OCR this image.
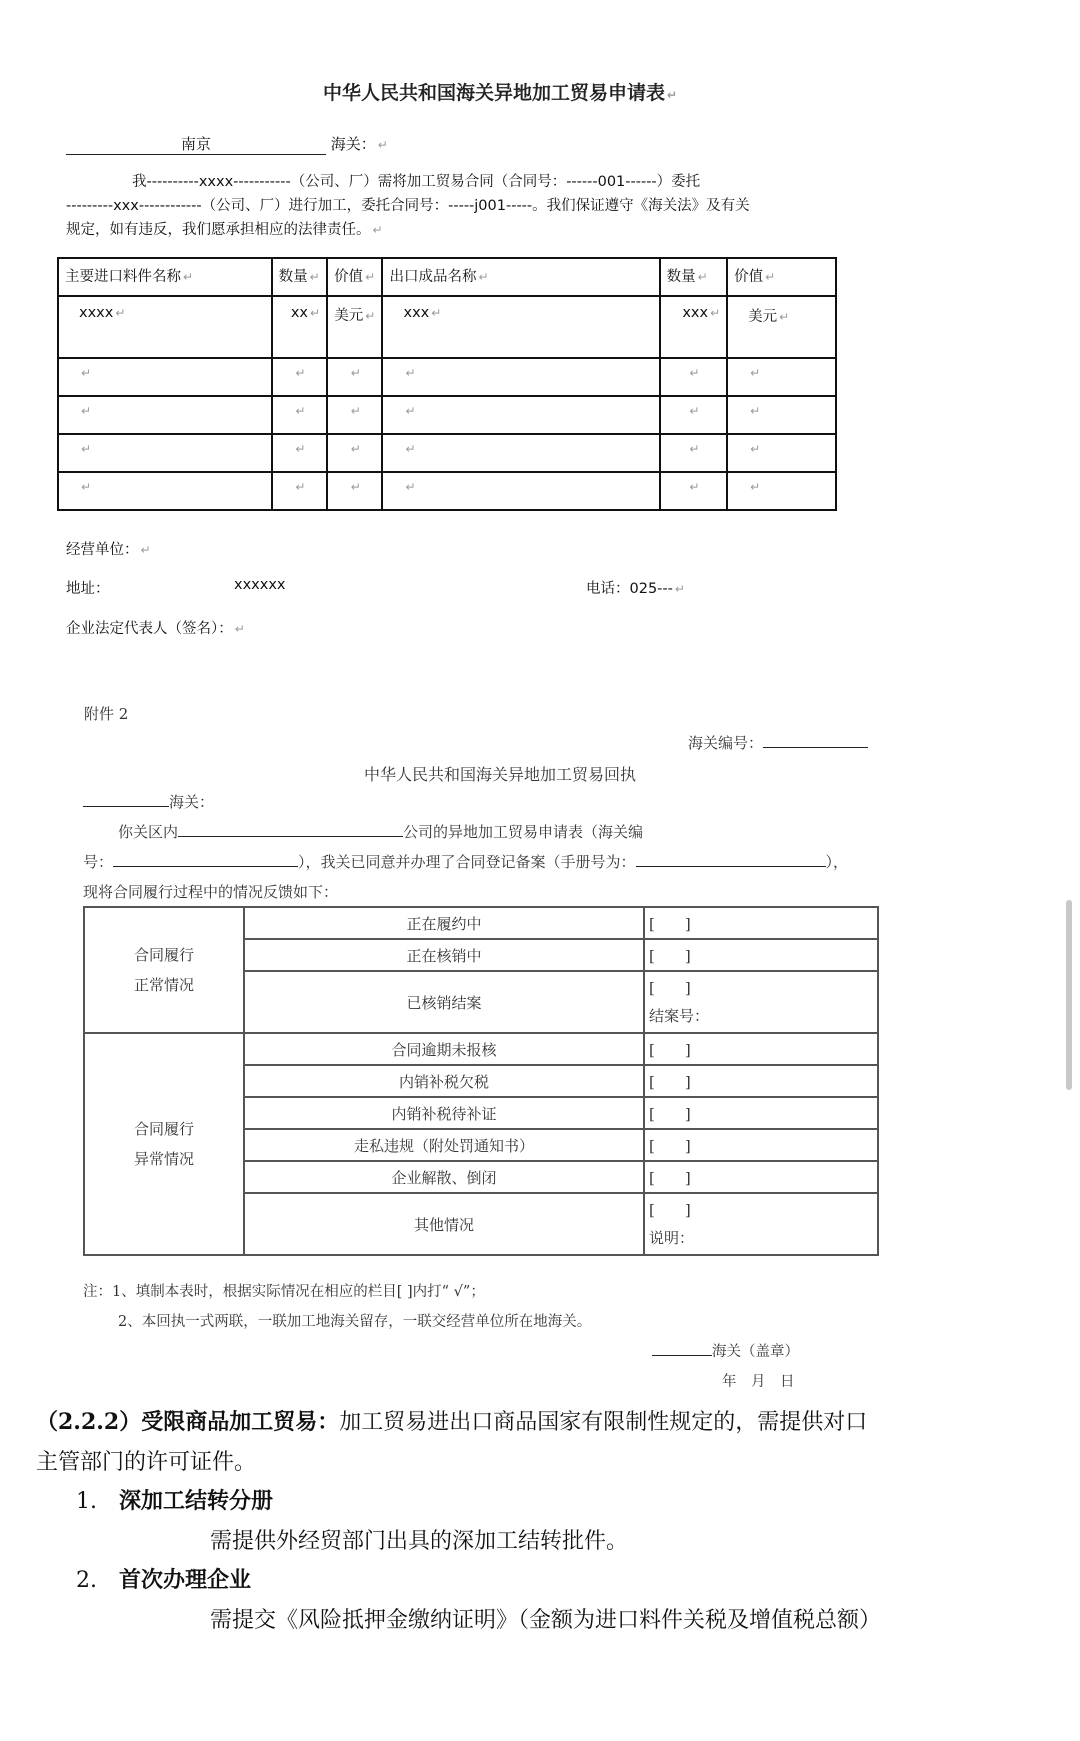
中华人民共和国海关异地加工贸易申请表 ↵
南京	海关： ↵
我----------xxxx-----------（公司、厂）需将加工贸易合同（合同号：------001------）委托
---------xxx------------（公司、厂）进行加工，委托合同号：-----j001-----。我们保证遵守《海关法》及有关
规定，如有违反，我们愿承担相应的法律责任。 ↵
主要进口料件名称 ↵	数量 ↵	价值 ↵	出口成品名称 ↵	数量 ↵	价值 ↵
xxxx ↵	xx ↵	美元 ↵	xxx ↵	xxx ↵	美元 ↵
↵	↵	↵	↵	↵	↵
↵	↵	↵	↵	↵	↵
↵	↵	↵	↵	↵	↵
↵	↵	↵	↵	↵	↵
经营单位： ↵
地址：	xxxxxx	电话：025--- ↵
企业法定代表人（签名）： ↵
附件 2
海关编号：
中华人民共和国海关异地加工贸易回执
海关：
你关区内	公司的异地加工贸易申请表（海关编
号：	），我关已同意并办理了合同登记备案（手册号为：	），
现将合同履行过程中的情况反馈如下：
合同履行
正常情况	正在履约中	[　　]
	正在核销中	[　　]
	已核销结案	[　　]
结案号：

合同履行
异常情况	合同逾期未报核	[　　]
	内销补税欠税	[　　]
	内销补税待补证	[　　]
	走私违规（附处罚通知书）	[　　]
	企业解散、倒闭	[　　]
	其他情况	[　　]
说明：
注：1、填制本表时，根据实际情况在相应的栏目[ ]内打“ √”；
2、本回执一式两联，一联加工地海关留存，一联交经营单位所在地海关。
海关（盖章）
年　月　日
（2.2.2）受限商品加工贸易：加工贸易进出口商品国家有限制性规定的，需提供对口
主管部门的许可证件。
1. 深加工结转分册
需提供外经贸部门出具的深加工结转批件。
2. 首次办理企业
需提交《风险抵押金缴纳证明》（金额为进口料件关税及增值税总额）
